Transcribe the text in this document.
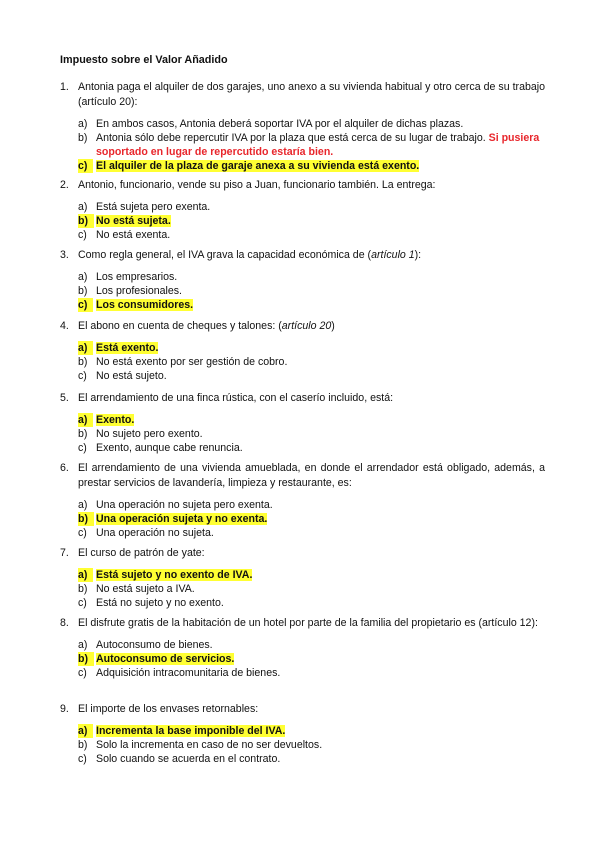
Impuesto sobre el Valor Añadido
1. Antonia paga el alquiler de dos garajes, uno anexo a su vivienda habitual y otro cerca de su trabajo (artículo 20):
a) En ambos casos, Antonia deberá soportar IVA por el alquiler de dichas plazas.
b) Antonia sólo debe repercutir IVA por la plaza que está cerca de su lugar de trabajo. Si pusiera soportado en lugar de repercutido estaría bien.
c) El alquiler de la plaza de garaje anexa a su vivienda está exento.
2. Antonio, funcionario, vende su piso a Juan, funcionario también. La entrega:
a) Está sujeta pero exenta.
b) No está sujeta.
c) No está exenta.
3. Como regla general, el IVA grava la capacidad económica de (artículo 1):
a) Los empresarios.
b) Los profesionales.
c) Los consumidores.
4. El abono en cuenta de cheques y talones: (artículo 20)
a) Está exento.
b) No está exento por ser gestión de cobro.
c) No está sujeto.
5. El arrendamiento de una finca rústica, con el caserío incluido, está:
a) Exento.
b) No sujeto pero exento.
c) Exento, aunque cabe renuncia.
6. El arrendamiento de una vivienda amueblada, en donde el arrendador está obligado, además, a prestar servicios de lavandería, limpieza y restaurante, es:
a) Una operación no sujeta pero exenta.
b) Una operación sujeta y no exenta.
c) Una operación no sujeta.
7. El curso de patrón de yate:
a) Está sujeto y no exento de IVA.
b) No está sujeto a IVA.
c) Está no sujeto y no exento.
8. El disfrute gratis de la habitación de un hotel por parte de la familia del propietario es (artículo 12):
a) Autoconsumo de bienes.
b) Autoconsumo de servicios.
c) Adquisición intracomunitaria de bienes.
9. El importe de los envases retornables:
a) Incrementa la base imponible del IVA.
b) Solo la incrementa en caso de no ser devueltos.
c) Solo cuando se acuerda en el contrato.
